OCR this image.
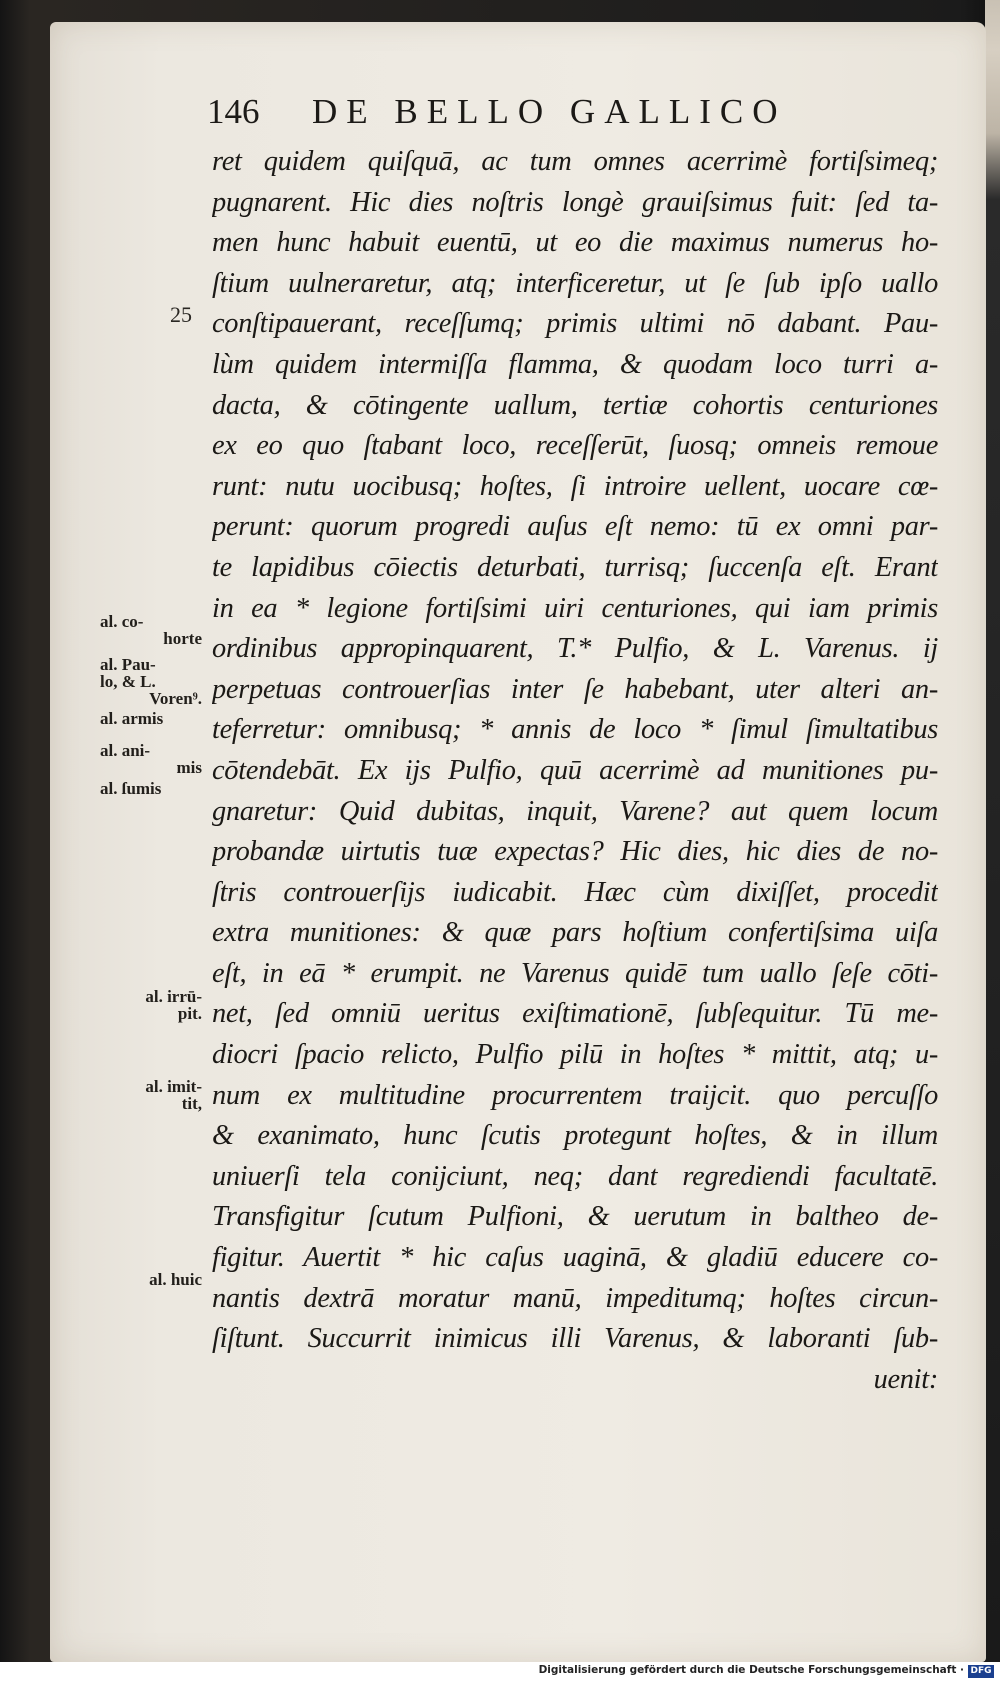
146 DE BELLO GALLICO
25
ret quidem quiſquā, ac tum omnes acerrimè fortiſsimeq;
pugnarent. Hic dies noſtris longè grauiſsimus fuit: ſed ta-
men hunc habuit euentū, ut eo die maximus numerus ho-
ſtium uulneraretur, atq; interficeretur, ut ſe ſub ipſo uallo
conſtipauerant, receſſumq; primis ultimi nō dabant. Pau-
lùm quidem intermiſſa flamma, & quodam loco turri a-
dacta, & cōtingente uallum, tertiæ cohortis centuriones
ex eo quo ſtabant loco, receſſerūt, ſuosq; omneis remoue
runt: nutu uocibusq; hoſtes, ſi introire uellent, uocare cœ-
perunt: quorum progredi auſus eſt nemo: tū ex omni par-
te lapidibus cōiectis deturbati, turrisq; ſuccenſa eſt. Erant
in ea * legione fortiſsimi uiri centuriones, qui iam primis
ordinibus appropinquarent, T.* Pulfio, & L. Varenus. ij
perpetuas controuerſias inter ſe habebant, uter alteri an-
teferretur: omnibusq; * annis de loco * ſimul ſimultatibus
cōtendebāt. Ex ijs Pulfio, quū acerrimè ad munitiones pu-
gnaretur: Quid dubitas, inquit, Varene? aut quem locum
probandæ uirtutis tuæ expectas? Hic dies, hic dies de no-
ſtris controuerſijs iudicabit. Hæc cùm dixiſſet, procedit
extra munitiones: & quæ pars hoſtium confertiſsima uiſa
eſt, in eā * erumpit. ne Varenus quidē tum uallo ſeſe cōti-
net, ſed omniū ueritus exiſtimationē, ſubſequitur. Tū me-
diocri ſpacio relicto, Pulfio pilū in hoſtes * mittit, atq; u-
num ex multitudine procurrentem traijcit. quo percuſſo
& exanimato, hunc ſcutis protegunt hoſtes, & in illum
uniuerſi tela conijciunt, neq; dant regrediendi facultatē.
Transfigitur ſcutum Pulfioni, & uerutum in baltheo de-
figitur. Auertit * hic caſus uaginā, & gladiū educere co-
nantis dextrā moratur manū, impeditumq; hoſtes circun-
ſiſtunt. Succurrit inimicus illi Varenus, & laboranti ſub-
uenit:

al. co-
horte

al. Pau-
lo, & L.
Voren⁹.

al. armis

al. ani-
mis

al. ſumis

al. irrū-
pit.

al. imit-
tit,

al. huic

Digitalisierung gefördert durch die Deutsche Forschungsgemeinschaft · DFG
